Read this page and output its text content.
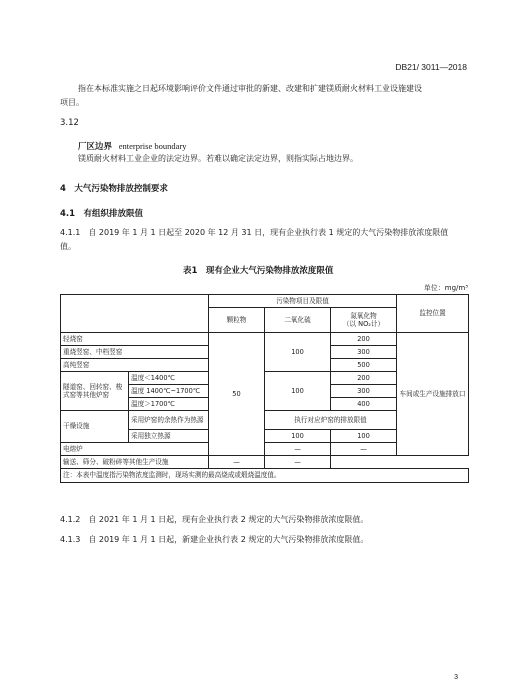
DB21/ 3011—2018
指在本标准实施之日起环境影响评价文件通过审批的新建、改建和扩建镁质耐火材料工业设施建设
项目。
3.12
厂区边界 enterprise boundary
镁质耐火材料工业企业的法定边界。若难以确定法定边界，则指实际占地边界。
4　大气污染物排放控制要求
4.1　有组织排放限值
4.1.1　自 2019 年 1 月 1 日起至 2020 年 12 月 31 日，现有企业执行表 1 规定的大气污染物排放浓度限值
值。
表1　现有企业大气污染物排放浓度限值
单位：mg/m³
		污染物项目及限值			监控位置
		颗粒物	二氧化硫	氮氧化物
（以 NO₂计）	

轻烧窑		50	100	200	车间或生产设施排放口
重烧竖窑、中档竖窑				300	
高纯竖窑				500	
隧道窑、回转窑、梭式窑等其他炉窑	温度＜1400℃		100	200	
	温度 1400℃~1700℃			300	
	温度＞1700℃			400	
干燥设施	采用炉窑的余热作为热源		执行对应炉窑的排放限值		
	采用独立热源		100	100	
电熔炉			—	—	
输送、筛分、破粉碎等其他生产设施		—	—		
注：本表中温度指污染物浓度监测时，现场实测的最高烧成或煅烧温度值。					
4.1.2　自 2021 年 1 月 1 日起，现有企业执行表 2 规定的大气污染物排放浓度限值。
4.1.3　自 2019 年 1 月 1 日起，新建企业执行表 2 规定的大气污染物排放浓度限值。
3
